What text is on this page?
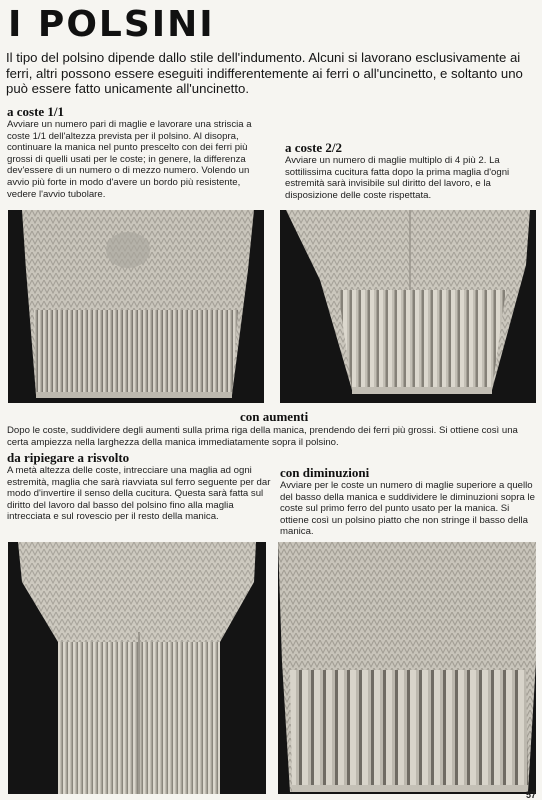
I POLSINI

Il tipo del polsino dipende dallo stile dell'indumento. Alcuni si lavorano esclusivamente ai ferri, altri possono essere eseguiti indifferentemente ai ferri o all'uncinetto, e soltanto uno può essere fatto unicamente all'uncinetto.

a coste 1/1

Avviare un numero pari di maglie e lavorare una striscia a coste 1/1 dell'altezza prevista per il polsino. Al disopra, continuare la manica nel punto prescelto con dei ferri più grossi di quelli usati per le coste; in genere, la differenza dev'essere di un numero o di mezzo numero. Volendo un avvio più forte in modo d'avere un bordo più resistente, vedere l'avvio tubolare.

a coste 2/2

Avviare un numero di maglie multiplo di 4 più 2. La sottilissima cucitura fatta dopo la prima maglia d'ogni estremità sarà invisibile sul diritto del lavoro, e la disposizione delle coste rispettata.

con aumenti

Dopo le coste, suddividere degli aumenti sulla prima riga della manica, prendendo dei ferri più grossi. Si ottiene così una certa ampiezza nella larghezza della manica immediatamente sopra il polsino.

da ripiegare a risvolto

A metà altezza delle coste, intrecciare una maglia ad ogni estremità, maglia che sarà riavviata sul ferro seguente per dar modo d'invertire il senso della cucitura. Questa sarà fatta sul diritto del lavoro dal basso del polsino fino alla maglia intrecciata e sul rovescio per il resto della manica.

con diminuzioni

Avviare per le coste un numero di maglie superiore a quello del basso della manica e suddividere le diminuzioni sopra le coste sul primo ferro del punto usato per la manica. Si ottiene così un polsino piatto che non stringe il basso della manica.

57
